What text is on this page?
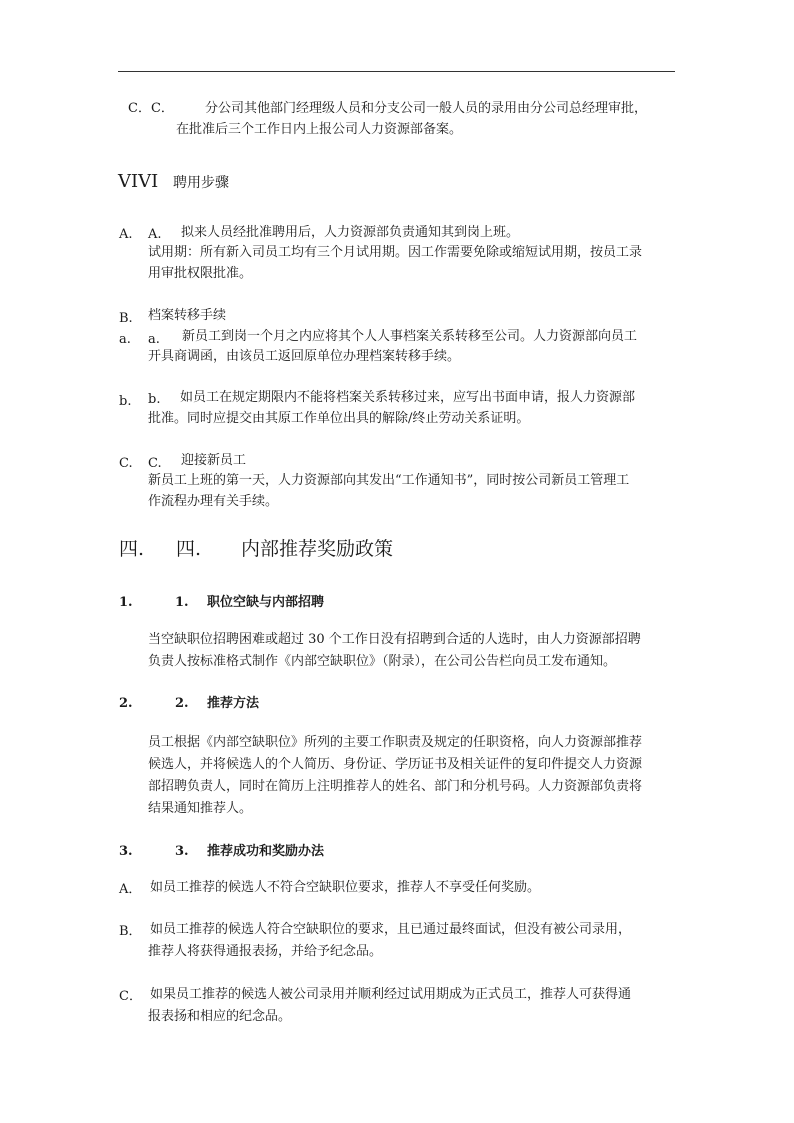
C．C． 分公司其他部门经理级人员和分支公司一般人员的录用由分公司总经理审批，
在批准后三个工作日内上报公司人力资源部备案。
VIVI 聘用步骤
A. A. 拟来人员经批准聘用后，人力资源部负责通知其到岗上班。
试用期：所有新入司员工均有三个月试用期。因工作需要免除或缩短试用期，按员工录
用审批权限批准。
B. 档案转移手续
a. a. 新员工到岗一个月之内应将其个人人事档案关系转移至公司。人力资源部向员工
开具商调函，由该员工返回原单位办理档案转移手续。
b. b. 如员工在规定期限内不能将档案关系转移过来，应写出书面申请，报人力资源部
批准。同时应提交由其原工作单位出具的解除/终止劳动关系证明。
C. C. 迎接新员工
新员工上班的第一天，人力资源部向其发出“工作通知书”，同时按公司新员工管理工
作流程办理有关手续。
四. 四. 内部推荐奖励政策
1.	1. 职位空缺与内部招聘
当空缺职位招聘困难或超过 30 个工作日没有招聘到合适的人选时，由人力资源部招聘
负责人按标准格式制作《内部空缺职位》（附录），在公司公告栏向员工发布通知。
2.	2. 推荐方法
员工根据《内部空缺职位》所列的主要工作职责及规定的任职资格，向人力资源部推荐
候选人，并将候选人的个人简历、身份证、学历证书及相关证件的复印件提交人力资源
部招聘负责人，同时在简历上注明推荐人的姓名、部门和分机号码。人力资源部负责将
结果通知推荐人。
3.	3. 推荐成功和奖励办法
A． 如员工推荐的候选人不符合空缺职位要求，推荐人不享受任何奖励。
B． 如员工推荐的候选人符合空缺职位的要求，且已通过最终面试，但没有被公司录用，
推荐人将获得通报表扬，并给予纪念品。
C． 如果员工推荐的候选人被公司录用并顺利经过试用期成为正式员工，推荐人可获得通
报表扬和相应的纪念品。
